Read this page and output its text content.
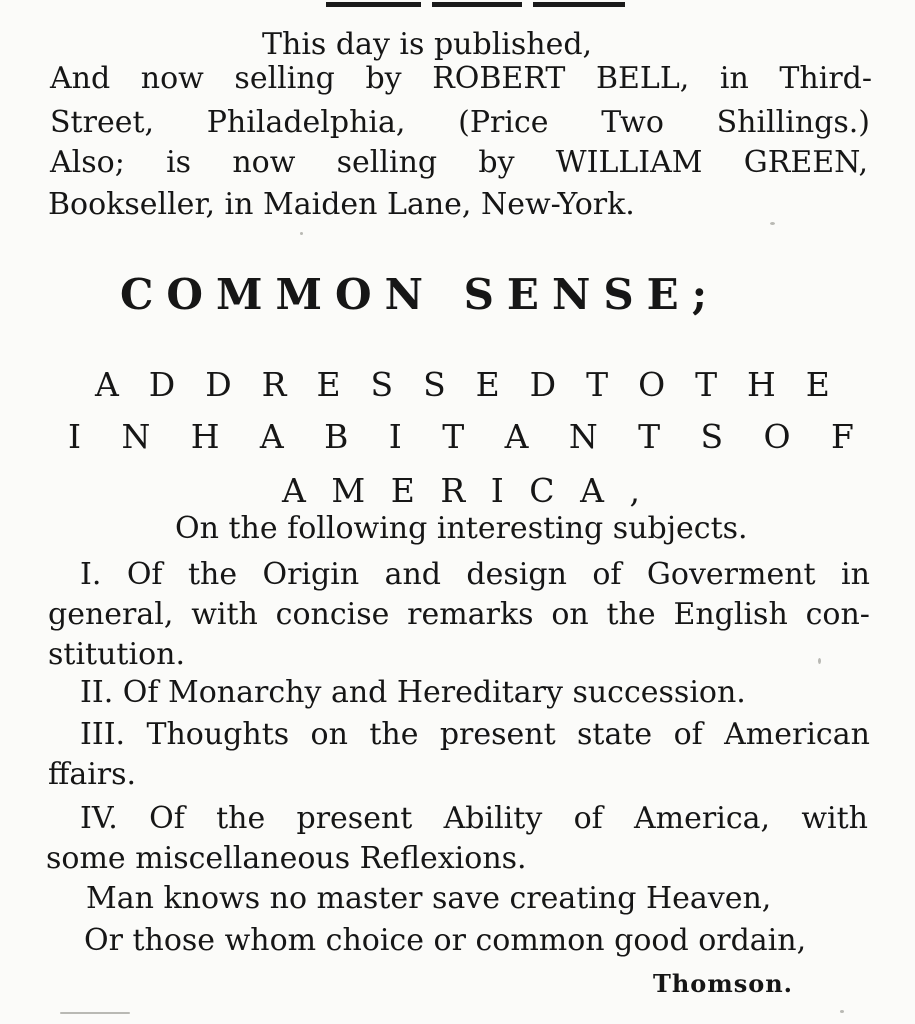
This day is published,
And now selling by ROBERT BELL, in Third-
Street, Philadelphia, (Price Two Shillings.)
Also; is now selling by WILLIAM GREEN,
Bookseller, in Maiden Lane, New-York.
COMMON SENSE;
A D D R E S S E D T O T H E
I N H A B I T A N T S O F
A M E R I C A ,
On the following interesting subjects.
I. Of the Origin and design of Goverment in
general, with concise remarks on the English con-
stitution.
II. Of Monarchy and Hereditary succession.
III. Thoughts on the present state of American
ffairs.
IV. Of the present Ability of America, with
some miscellaneous Reflexions.
Man knows no master save creating Heaven,
Or those whom choice or common good ordain,
Thomson.
